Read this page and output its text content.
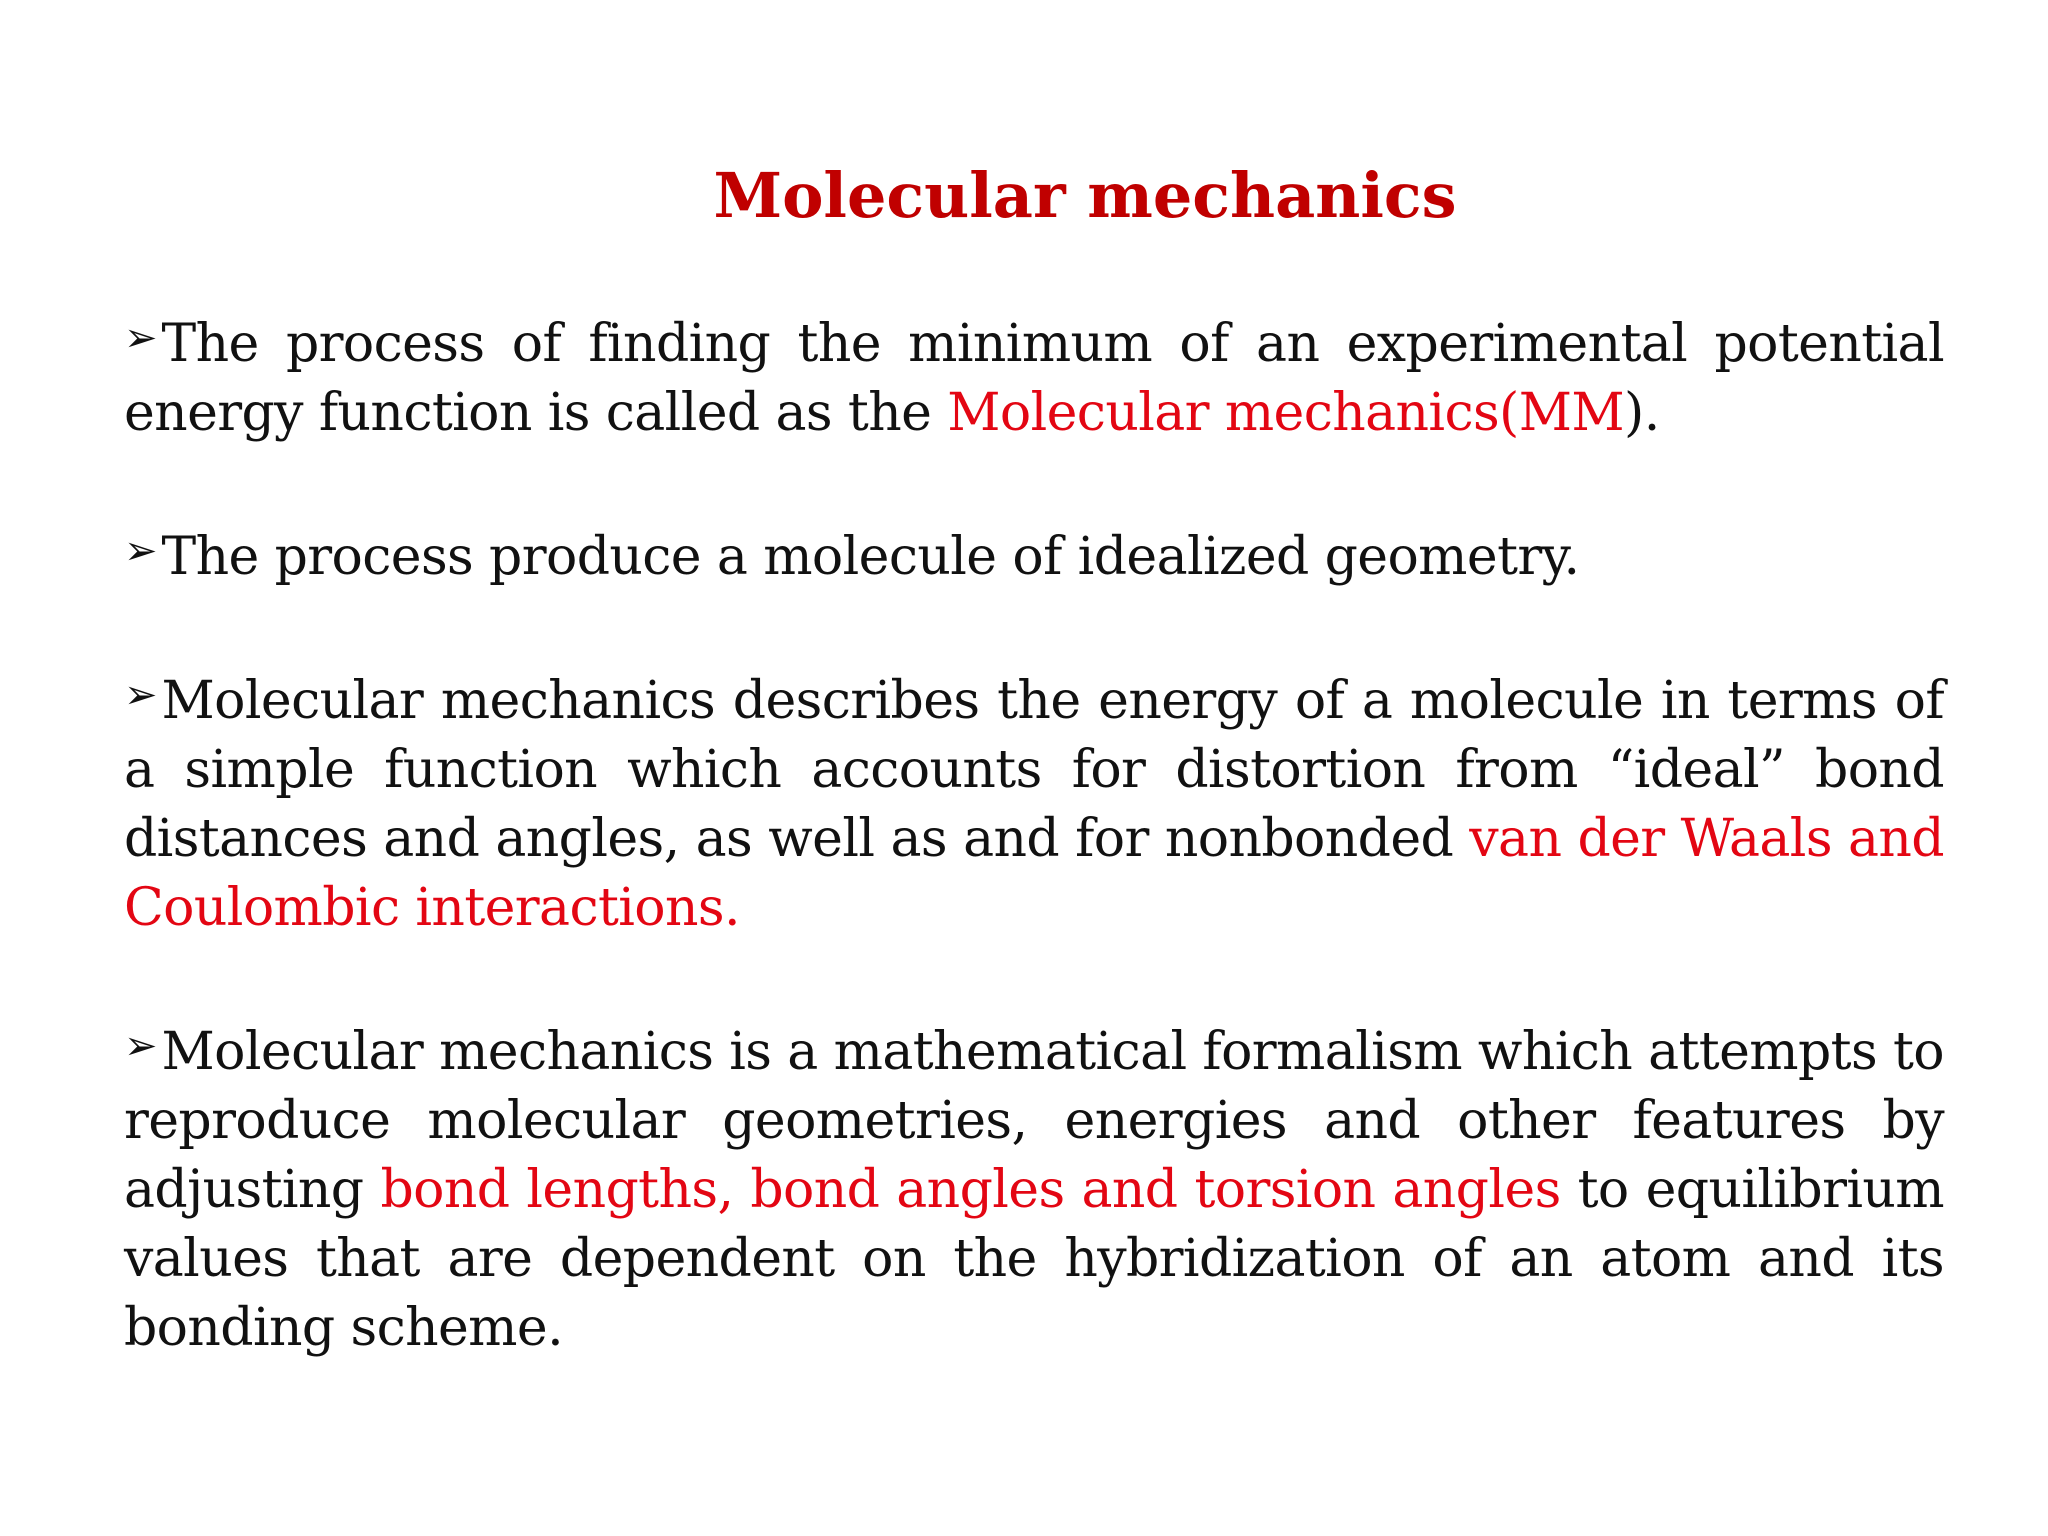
Molecular mechanics

➢The process of finding the minimum of an experimental potential energy function is called as the Molecular mechanics(MM).

➢The process produce a molecule of idealized geometry.

➢Molecular mechanics describes the energy of a molecule in terms of a simple function which accounts for distortion from “ideal” bond distances and angles, as well as and for nonbonded van der Waals and Coulombic interactions.

➢Molecular mechanics is a mathematical formalism which attempts to reproduce molecular geometries, energies and other features by adjusting bond lengths, bond angles and torsion angles to equilibrium values that are dependent on the hybridization of an atom and its bonding scheme.
